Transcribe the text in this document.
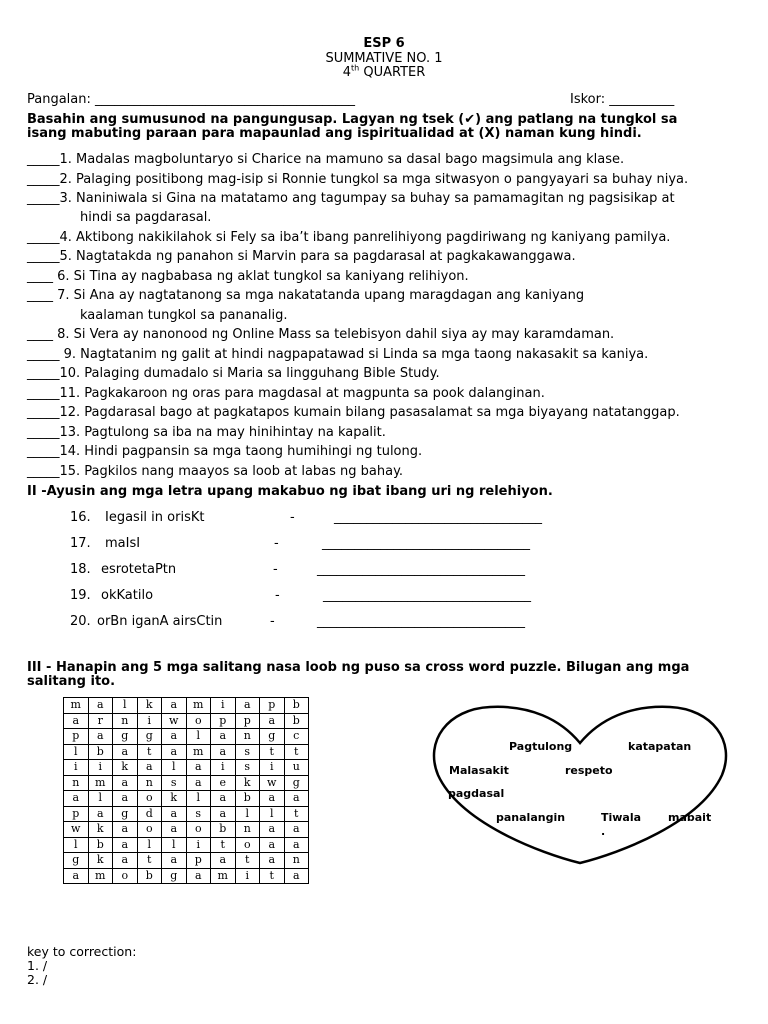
ESP 6
SUMMATIVE NO. 1
4th QUARTER
Pangalan: ________________________________________	Iskor: __________
Basahin ang sumusunod na pangungusap. Lagyan ng tsek (✔) ang patlang na tungkol sa
isang mabuting paraan para mapaunlad ang ispiritualidad at (X) naman kung hindi.
_____1. Madalas magboluntaryo si Charice na mamuno sa dasal bago magsimula ang klase.
_____2. Palaging positibong mag-isip si Ronnie tungkol sa mga sitwasyon o pangyayari sa buhay niya.
_____3. Naniniwala si Gina na matatamo ang tagumpay sa buhay sa pamamagitan ng pagsisikap at
hindi sa pagdarasal.
_____4. Aktibong nakikilahok si Fely sa iba’t ibang panrelihiyong pagdiriwang ng kaniyang pamilya.
_____5. Nagtatakda ng panahon si Marvin para sa pagdarasal at pagkakawanggawa.
____ 6. Si Tina ay nagbabasa ng aklat tungkol sa kaniyang relihiyon.
____ 7. Si Ana ay nagtatanong sa mga nakatatanda upang maragdagan ang kaniyang
kaalaman tungkol sa pananalig.
____ 8. Si Vera ay nanonood ng Online Mass sa telebisyon dahil siya ay may karamdaman.
_____ 9. Nagtatanim ng galit at hindi nagpapatawad si Linda sa mga taong nakasakit sa kaniya.
_____10. Palaging dumadalo si Maria sa lingguhang Bible Study.
_____11. Pagkakaroon ng oras para magdasal at magpunta sa pook dalanginan.
_____12. Pagdarasal bago at pagkatapos kumain bilang pasasalamat sa mga biyayang natatanggap.
_____13. Pagtulong sa iba na may hinihintay na kapalit.
_____14. Hindi pagpansin sa mga taong humihingi ng tulong.
_____15. Pagkilos nang maayos sa loob at labas ng bahay.
II -Ayusin ang mga letra upang makabuo ng ibat ibang uri ng relehiyon.
16. Iegasil in orisKt	-	________________________________
17. maIsI	-	________________________________
18. esrotetaPtn	-	________________________________
19. okKatilo	-	________________________________
20. orBn iganA airsCtin	-	________________________________
III - Hanapin ang 5 mga salitang nasa loob ng puso sa cross word puzzle. Bilugan ang mga
salitang ito.
m	a	l	k	a	m	i	a	p	b
a	r	n	i	w	o	p	p	a	b
p	a	g	g	a	l	a	n	g	c
l	b	a	t	a	m	a	s	t	t
i	i	k	a	l	a	i	s	i	u
n	m	a	n	s	a	e	k	w	g
a	l	a	o	k	l	a	b	a	a
p	a	g	d	a	s	a	l	l	t
w	k	a	o	a	o	b	n	a	a
l	b	a	l	l	i	t	o	a	a
g	k	a	t	a	p	a	t	a	n
a	m	o	b	g	a	m	i	t	a
Pagtulong	katapatan
Malasakit	respeto
pagdasal
panalangin	Tiwala mabait
.
key to correction:
1. /
2. /
